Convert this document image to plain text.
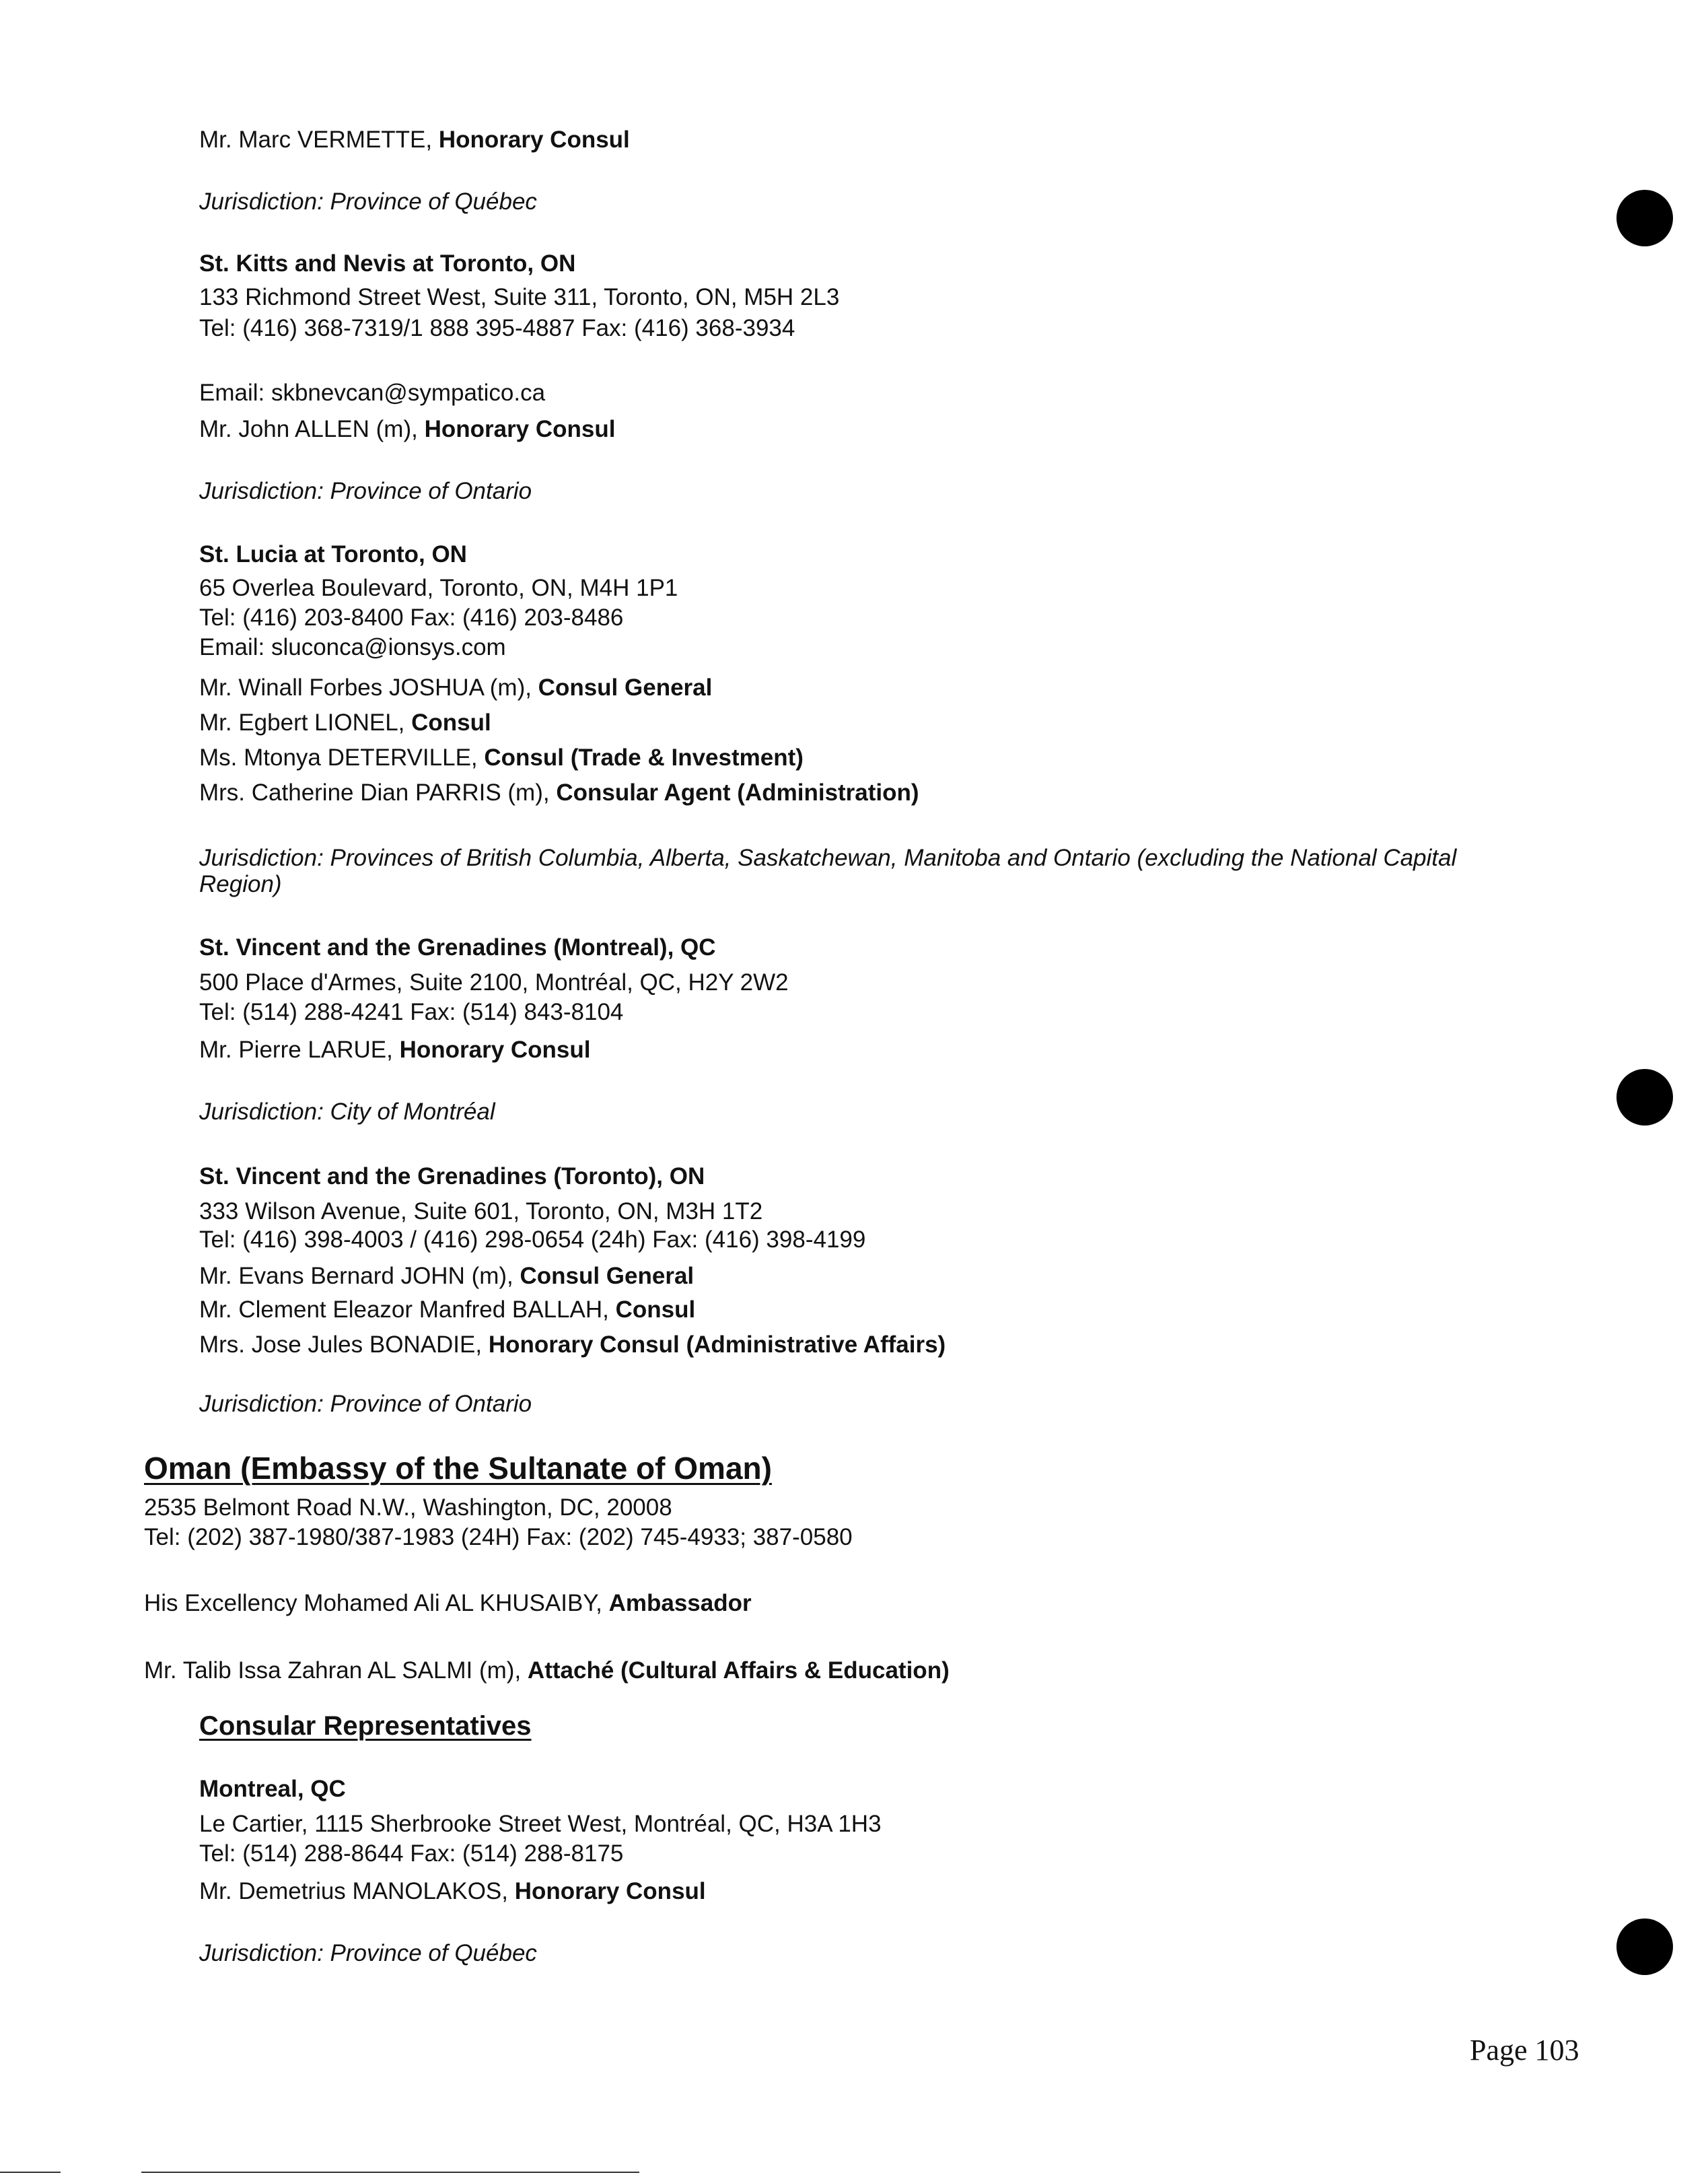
Mr. Marc VERMETTE, Honorary Consul
Jurisdiction: Province of Québec
St. Kitts and Nevis at Toronto, ON
133 Richmond Street West, Suite 311, Toronto, ON, M5H 2L3
Tel: (416) 368-7319/1 888 395-4887 Fax: (416) 368-3934
Email: skbnevcan@sympatico.ca
Mr. John ALLEN (m), Honorary Consul
Jurisdiction: Province of Ontario
St. Lucia at Toronto, ON
65 Overlea Boulevard, Toronto, ON, M4H 1P1
Tel: (416) 203-8400 Fax: (416) 203-8486
Email: sluconca@ionsys.com
Mr. Winall Forbes JOSHUA (m), Consul General
Mr. Egbert LIONEL, Consul
Ms. Mtonya DETERVILLE, Consul (Trade & Investment)
Mrs. Catherine Dian PARRIS (m), Consular Agent (Administration)
Jurisdiction: Provinces of British Columbia, Alberta, Saskatchewan, Manitoba and Ontario (excluding the National Capital Region)
St. Vincent and the Grenadines (Montreal), QC
500 Place d'Armes, Suite 2100, Montréal, QC, H2Y 2W2
Tel: (514) 288-4241 Fax: (514) 843-8104
Mr. Pierre LARUE, Honorary Consul
Jurisdiction: City of Montréal
St. Vincent and the Grenadines (Toronto), ON
333 Wilson Avenue, Suite 601, Toronto, ON, M3H 1T2
Tel: (416) 398-4003 / (416) 298-0654 (24h) Fax: (416) 398-4199
Mr. Evans Bernard JOHN (m), Consul General
Mr. Clement Eleazor Manfred BALLAH, Consul
Mrs. Jose Jules BONADIE, Honorary Consul (Administrative Affairs)
Jurisdiction: Province of Ontario
Oman (Embassy of the Sultanate of Oman)
2535 Belmont Road N.W., Washington, DC, 20008
Tel: (202) 387-1980/387-1983 (24H) Fax: (202) 745-4933; 387-0580
His Excellency Mohamed Ali AL KHUSAIBY, Ambassador
Mr. Talib Issa Zahran AL SALMI (m), Attaché (Cultural Affairs & Education)
Consular Representatives
Montreal, QC
Le Cartier, 1115 Sherbrooke Street West, Montréal, QC, H3A 1H3
Tel: (514) 288-8644 Fax: (514) 288-8175
Mr. Demetrius MANOLAKOS, Honorary Consul
Jurisdiction: Province of Québec
Page 103
